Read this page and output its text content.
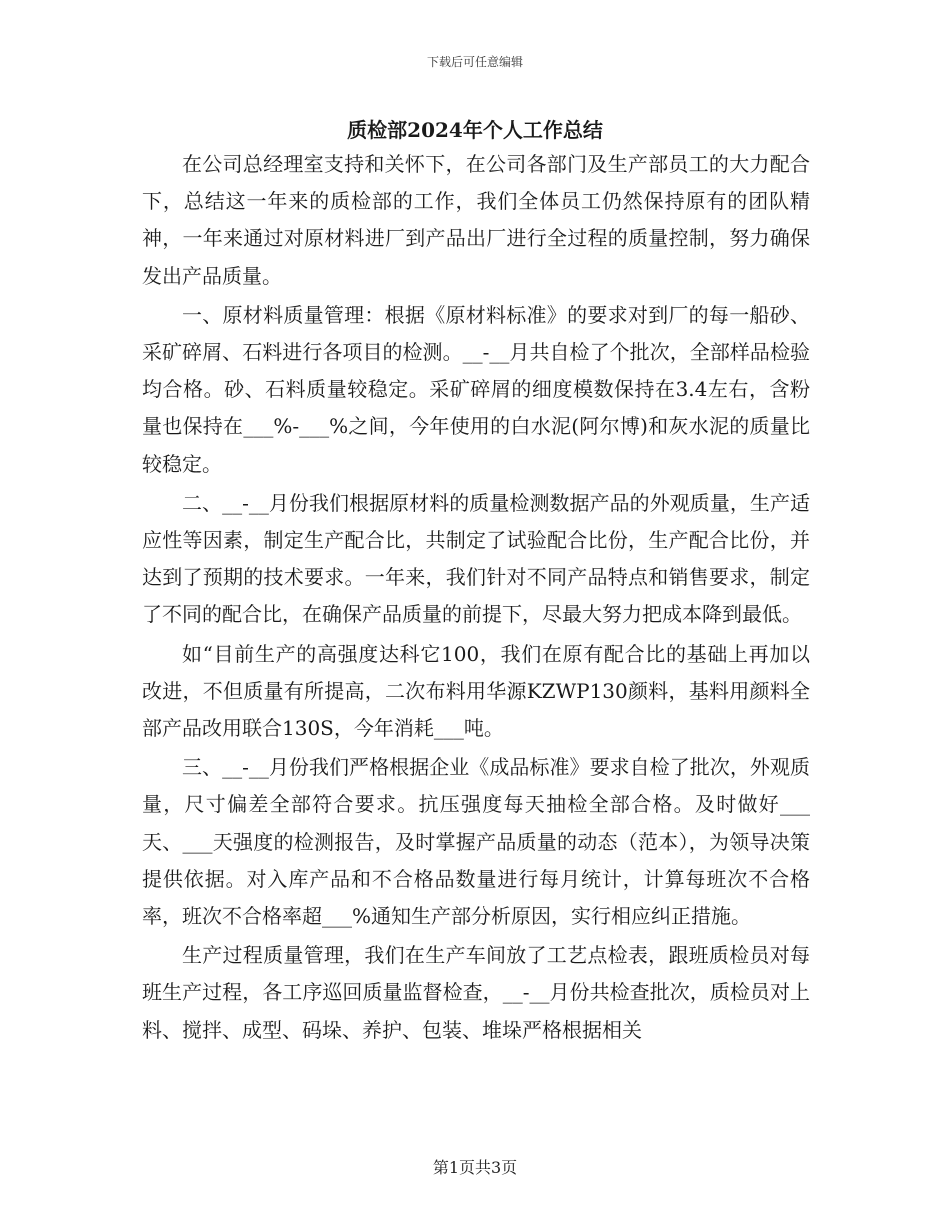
下载后可任意编辑
质检部2024年个人工作总结

在公司总经理室支持和关怀下，在公司各部门及生产部员工的大力配合下，总结这一年来的质检部的工作，我们全体员工仍然保持原有的团队精神，一年来通过对原材料进厂到产品出厂进行全过程的质量控制，努力确保发出产品质量。

一、原材料质量管理：根据《原材料标准》的要求对到厂的每一船砂、采矿碎屑、石料进行各项目的检测。__-__月共自检了个批次，全部样品检验均合格。砂、石料质量较稳定。采矿碎屑的细度模数保持在3.4左右，含粉量也保持在___%-___%之间，今年使用的白水泥(阿尔博)和灰水泥的质量比较稳定。

二、__-__月份我们根据原材料的质量检测数据产品的外观质量，生产适应性等因素，制定生产配合比，共制定了试验配合比份，生产配合比份，并达到了预期的技术要求。一年来，我们针对不同产品特点和销售要求，制定了不同的配合比，在确保产品质量的前提下，尽最大努力把成本降到最低。

如“目前生产的高强度达科它100，我们在原有配合比的基础上再加以改进，不但质量有所提高，二次布料用华源KZWP130颜料，基料用颜料全部产品改用联合130S，今年消耗___吨。

三、__-__月份我们严格根据企业《成品标准》要求自检了批次，外观质量，尺寸偏差全部符合要求。抗压强度每天抽检全部合格。及时做好___天、___天强度的检测报告，及时掌握产品质量的动态（范本），为领导决策提供依据。对入库产品和不合格品数量进行每月统计，计算每班次不合格率，班次不合格率超___%通知生产部分析原因，实行相应纠正措施。

生产过程质量管理，我们在生产车间放了工艺点检表，跟班质检员对每班生产过程，各工序巡回质量监督检查，__-__月份共检查批次，质检员对上料、搅拌、成型、码垛、养护、包装、堆垛严格根据相关

第1页共3页
